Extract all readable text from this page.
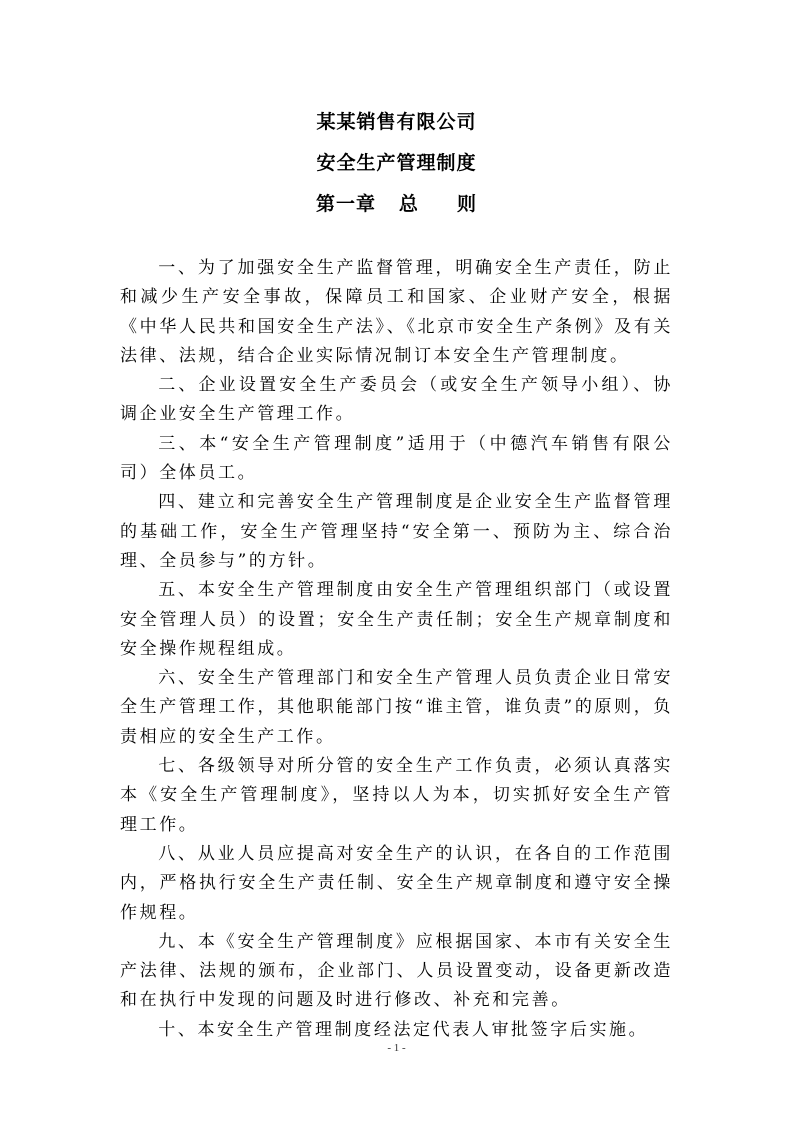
某某销售有限公司
安全生产管理制度
第一章   总     则

一、为了加强安全生产监督管理，明确安全生产责任，防止和减少生产安全事故，保障员工和国家、企业财产安全，根据《中华人民共和国安全生产法》、《北京市安全生产条例》及有关法律、法规，结合企业实际情况制订本安全生产管理制度。

二、企业设置安全生产委员会（或安全生产领导小组）、协调企业安全生产管理工作。

三、本“安全生产管理制度”适用于（中德汽车销售有限公司）全体员工。

四、建立和完善安全生产管理制度是企业安全生产监督管理的基础工作，安全生产管理坚持“安全第一、预防为主、综合治理、全员参与”的方针。

五、本安全生产管理制度由安全生产管理组织部门（或设置安全管理人员）的设置；安全生产责任制；安全生产规章制度和安全操作规程组成。

六、安全生产管理部门和安全生产管理人员负责企业日常安全生产管理工作，其他职能部门按“谁主管，谁负责”的原则，负责相应的安全生产工作。

七、各级领导对所分管的安全生产工作负责，必须认真落实本《安全生产管理制度》，坚持以人为本，切实抓好安全生产管理工作。

八、从业人员应提高对安全生产的认识，在各自的工作范围内，严格执行安全生产责任制、安全生产规章制度和遵守安全操作规程。

九、本《安全生产管理制度》应根据国家、本市有关安全生产法律、法规的颁布，企业部门、人员设置变动，设备更新改造和在执行中发现的问题及时进行修改、补充和完善。

十、本安全生产管理制度经法定代表人审批签字后实施。

- 1 -
